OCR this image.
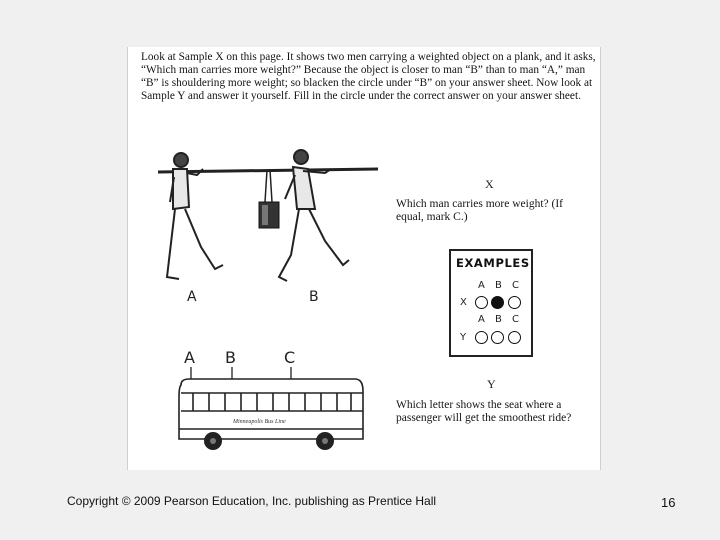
Look at Sample X on this page. It shows two men carrying a weighted object on a plank, and it asks, “Which man carries more weight?” Because the object is closer to man “B” than to man “A,” man “B” is shouldering more weight; so blacken the circle under “B” on your answer sheet. Now look at Sample Y and answer it yourself. Fill in the circle under the correct answer on your answer sheet.

A	B
X

Which man carries more weight? (If equal, mark C.)

EXAMPLES
A B C
X
A B C
Y
A B	C
Minneapolis Bus Line
Y

Which letter shows the seat where a passenger will get the smoothest ride?

Copyright © 2009 Pearson Education, Inc. publishing as Prentice Hall	16
